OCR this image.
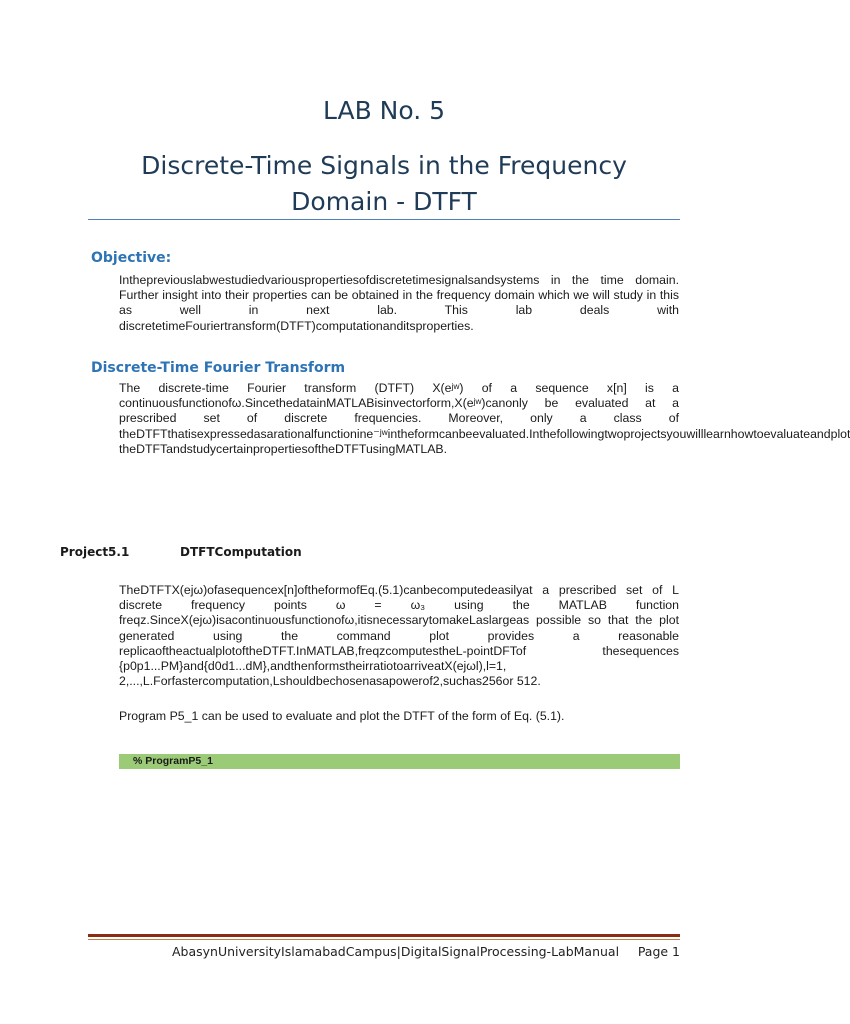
LAB No. 5
Discrete-Time Signals in the Frequency Domain - DTFT
Objective:
Inthepreviouslabwestudiedvariouspropertiesofdiscretetimesignalsandsystems in the time domain. Further insight into their properties can be obtained in the frequency domain which we will study in this as well in next lab. This lab deals with discretetimeFouriertransform(DTFT)computationanditsproperties.
Discrete-Time Fourier Transform
The discrete-time Fourier transform (DTFT) X(eʲʷ) of a sequence x[n] is a continuousfunctionofω.SincethedatainMATLABisinvectorform,X(eʲʷ)canonly be evaluated at a prescribed set of discrete frequencies. Moreover, only a class of theDTFTthatisexpressedasarationalfunctionine⁻ʲʷintheformcanbeevaluated.Inthefollowingtwoprojectsyouwilllearnhowtoevaluateandplot theDTFTandstudycertainpropertiesoftheDTFTusingMATLAB.
Project5.1	DTFTComputation
TheDTFTX(ejω)ofasequencex[n]oftheformofEq.(5.1)canbecomputedeasilyat a prescribed set of L discrete frequency points ω = ω₃ using the MATLAB function freqz.SinceX(ejω)isacontinuousfunctionofω,itisnecessarytomakeLaslargeas possible so that the plot generated using the command plot provides a reasonable replicaoftheactualplotoftheDTFT.InMATLAB,freqzcomputestheL-pointDFTof thesequences {p0p1...PM}and{d0d1...dM},andthenformstheirratiotoarriveatX(ejωl),l=1, 2,...,L.Forfastercomputation,Lshouldbechosenasapowerof2,suchas256or 512.
Program P5_1 can be used to evaluate and plot the DTFT of the form of Eq. (5.1).
% ProgramP5_1
AbasynUniversityIslamabadCampus|DigitalSignalProcessing-LabManual Page 1
